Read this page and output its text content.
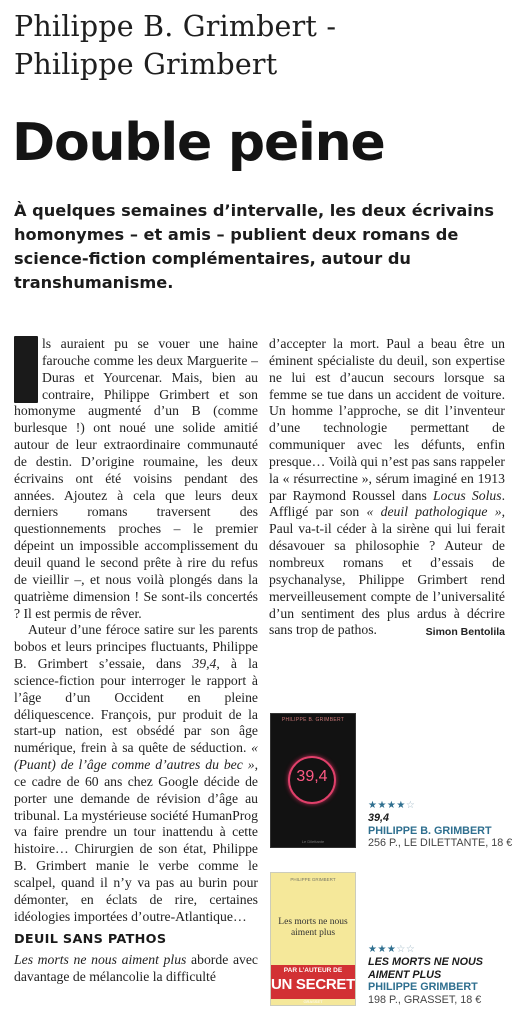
Philippe B. Grimbert -
Philippe Grimbert
Double peine
À quelques semaines d’intervalle, les deux écrivains homonymes – et amis – publient deux romans de science-fiction complémentaires, autour du transhumanisme.

I ls auraient pu se vouer une haine farouche comme les deux Marguerite – Duras et Yourcenar. Mais, bien au contraire, Philippe Grimbert et son homonyme augmenté d’un B (comme burlesque !) ont noué une solide amitié autour de leur extraordinaire communauté de destin. D’origine roumaine, les deux écrivains ont été voisins pendant des années. Ajoutez à cela que leurs deux derniers romans traversent des questionnements proches – le premier dépeint un impossible accomplissement du deuil quand le second prête à rire du refus de vieillir –, et nous voilà plongés dans la quatrième dimension ! Se sont-ils concertés ? Il est permis de rêver.

Auteur d’une féroce satire sur les parents bobos et leurs principes fluctuants, Philippe B. Grimbert s’essaie, dans 39,4, à la science-fiction pour interroger le rapport à l’âge d’un Occident en pleine déliquescence. François, pur produit de la start-up nation, est obsédé par son âge numérique, frein à sa quête de séduction. « (Puant) de l’âge comme d’autres du bec », ce cadre de 60 ans chez Google décide de porter une demande de révision d’âge au tribunal. La mystérieuse société HumanProg va faire prendre un tour inattendu à cette histoire… Chirurgien de son état, Philippe B. Grimbert manie le verbe comme le scalpel, quand il n’y va pas au burin pour démonter, en éclats de rire, certaines idéologies importées d’outre-Atlantique…

DEUIL SANS PATHOS

Les morts ne nous aiment plus aborde avec davantage de mélancolie la difficulté

d’accepter la mort. Paul a beau être un éminent spécialiste du deuil, son expertise ne lui est d’aucun secours lorsque sa femme se tue dans un accident de voiture. Un homme l’approche, se dit l’inventeur d’une technologie permettant de communiquer avec les défunts, enfin presque… Voilà qui n’est pas sans rappeler la « résurrectine », sérum imaginé en 1913 par Raymond Roussel dans Locus Solus. Affligé par son « deuil pathologique », Paul va-t-il céder à la sirène qui lui ferait désavouer sa philosophie ? Auteur de nombreux romans et d’essais de psychanalyse, Philippe Grimbert rend merveilleusement compte de l’universalité d’un sentiment des plus ardus à décrire sans trop de pathos.	Simon Bentolila

PHILIPPE B. GRIMBERT
39,4
Le Dilettante
★★★★☆
39,4
PHILIPPE B. GRIMBERT
256 P., LE DILETTANTE, 18 €
PHILIPPE GRIMBERT
Les morts ne nous aiment plus
PAR L’AUTEUR DE
UN SECRET
GRASSET
★★★☆☆
LES MORTS NE NOUS AIMENT PLUS
PHILIPPE GRIMBERT
198 P., GRASSET, 18 €
